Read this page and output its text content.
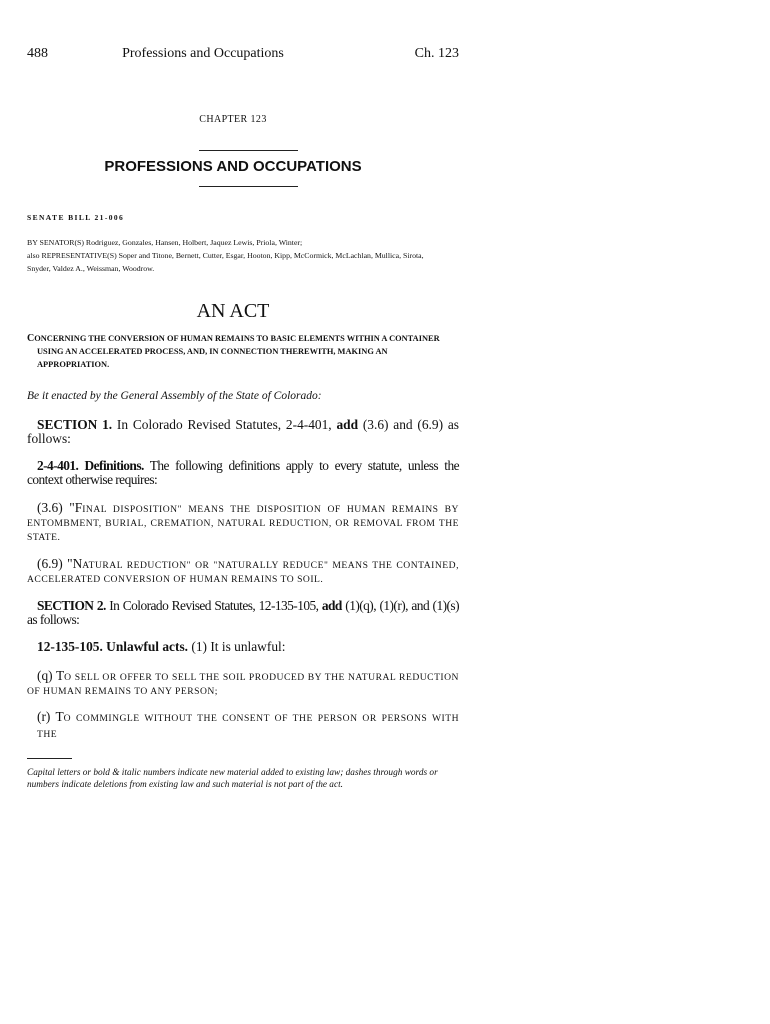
488	Professions and Occupations	Ch. 123
CHAPTER 123
PROFESSIONS AND OCCUPATIONS
SENATE BILL 21-006
BY SENATOR(S) Rodriguez, Gonzales, Hansen, Holbert, Jaquez Lewis, Priola, Winter;
also REPRESENTATIVE(S) Soper and Titone, Bernett, Cutter, Esgar, Hooton, Kipp, McCormick, McLachlan, Mullica, Sirota,
Snyder, Valdez A., Weissman, Woodrow.
AN ACT
CONCERNING THE CONVERSION OF HUMAN REMAINS TO BASIC ELEMENTS WITHIN A CONTAINER
USING AN ACCELERATED PROCESS, AND, IN CONNECTION THEREWITH, MAKING AN
APPROPRIATION.
Be it enacted by the General Assembly of the State of Colorado:
SECTION 1. In Colorado Revised Statutes, 2-4-401, add (3.6) and (6.9) as follows:
2-4-401. Definitions. The following definitions apply to every statute, unless the context otherwise requires:
(3.6) "FINAL DISPOSITION" MEANS THE DISPOSITION OF HUMAN REMAINS BY
ENTOMBMENT, BURIAL, CREMATION, NATURAL REDUCTION, OR REMOVAL FROM THE
STATE.
(6.9) "NATURAL REDUCTION" OR "NATURALLY REDUCE" MEANS THE CONTAINED,
ACCELERATED CONVERSION OF HUMAN REMAINS TO SOIL.
SECTION 2. In Colorado Revised Statutes, 12-135-105, add (1)(q), (1)(r), and (1)(s) as follows:
12-135-105. Unlawful acts. (1) It is unlawful:
(q) TO SELL OR OFFER TO SELL THE SOIL PRODUCED BY THE NATURAL REDUCTION
OF HUMAN REMAINS TO ANY PERSON;
(r) TO COMMINGLE WITHOUT THE CONSENT OF THE PERSON OR PERSONS WITH THE
Capital letters or bold & italic numbers indicate new material added to existing law; dashes through words or numbers indicate deletions from existing law and such material is not part of the act.
